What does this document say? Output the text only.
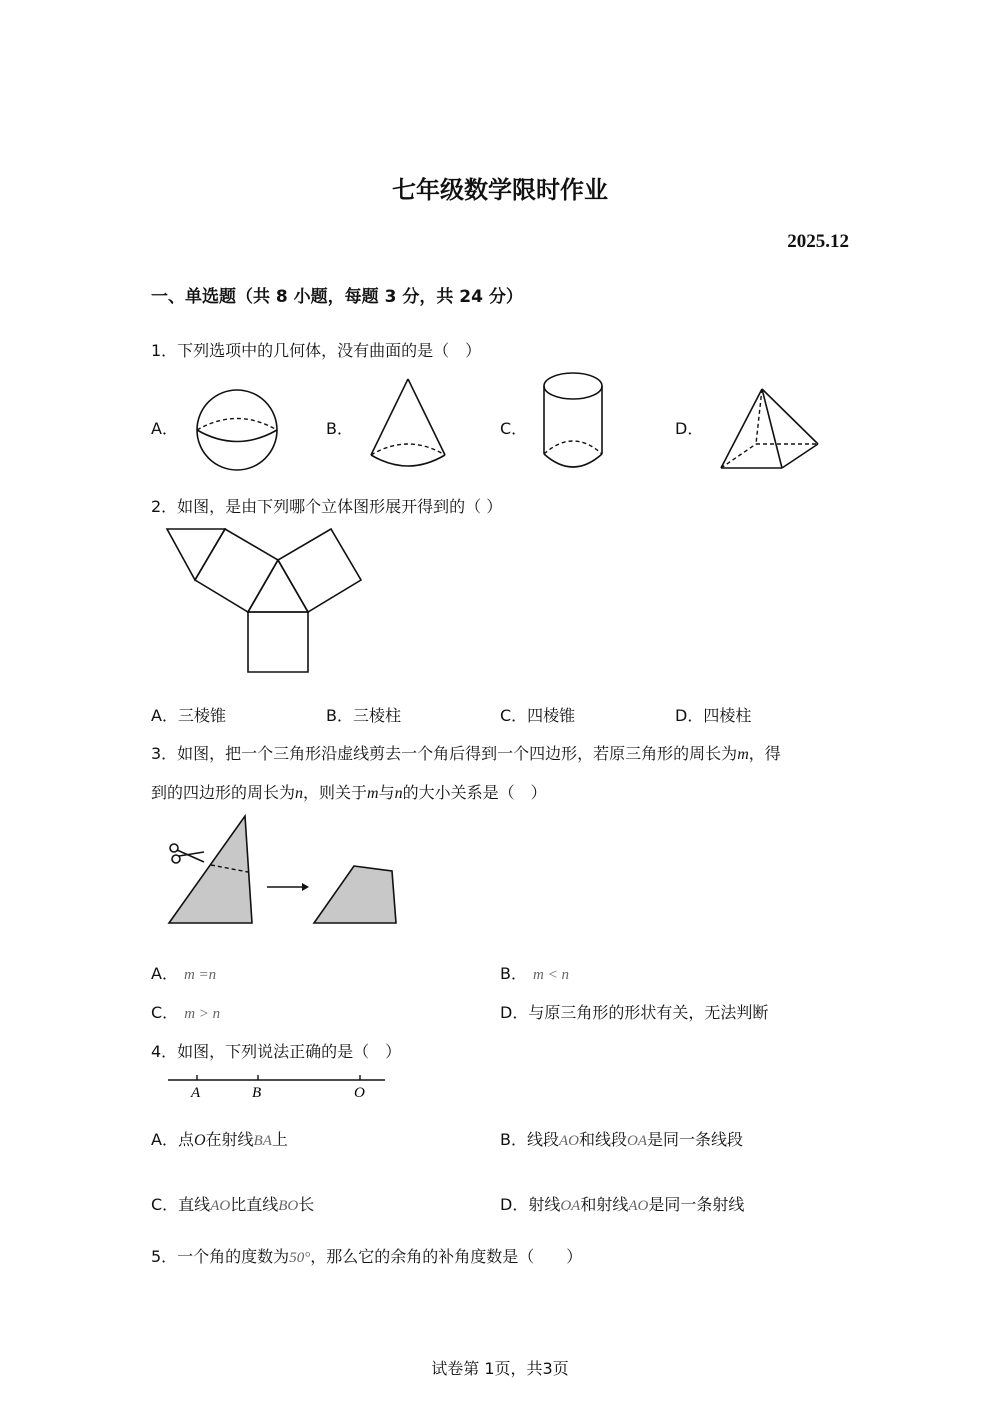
七年级数学限时作业
2025.12
一、单选题（共 8 小题，每题 3 分，共 24 分）
1．下列选项中的几何体，没有曲面的是（　）
A．	B．	C．	D．
2．如图，是由下列哪个立体图形展开得到的（ ）
A．三棱锥	B．三棱柱	C．四棱锥	D．四棱柱
3．如图，把一个三角形沿虚线剪去一个角后得到一个四边形，若原三角形的周长为m，得
到的四边形的周长为n，则关于m与n的大小关系是（　）
A． m =n	B． m < n
C． m > n	D．与原三角形的形状有关，无法判断
4．如图，下列说法正确的是（　）
A	B	O
A．点O在射线BA上	B．线段AO和线段OA是同一条线段
C．直线AO比直线BO长	D．射线OA和射线AO是同一条射线
5．一个角的度数为50°，那么它的余角的补角度数是（　　）
试卷第 1页，共3页
